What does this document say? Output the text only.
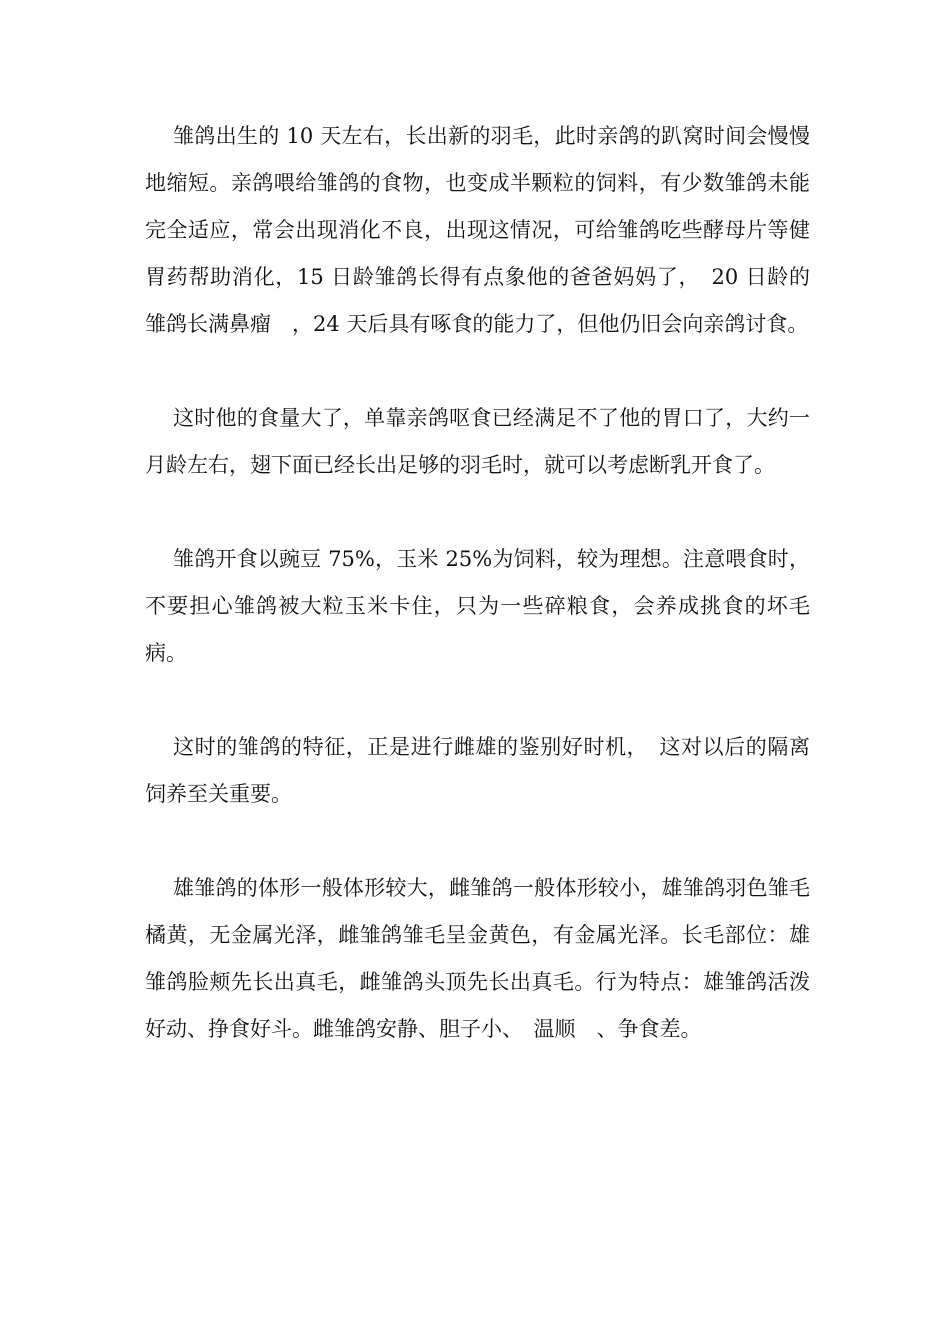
雏鸽出生的 10 天左右，长出新的羽毛，此时亲鸽的趴窝时间会慢慢地缩短。亲鸽喂给雏鸽的食物，也变成半颗粒的饲料，有少数雏鸽未能完全适应，常会出现消化不良，出现这情况，可给雏鸽吃些酵母片等健胃药帮助消化，15 日龄雏鸽长得有点象他的爸爸妈妈了，　20 日龄的雏鸽长满鼻瘤　，24 天后具有啄食的能力了，但他仍旧会向亲鸽讨食。

这时他的食量大了，单靠亲鸽呕食已经满足不了他的胃口了，大约一月龄左右，翅下面已经长出足够的羽毛时，就可以考虑断乳开食了。

雏鸽开食以豌豆 75%，玉米 25%为饲料，较为理想。注意喂食时，不要担心雏鸽被大粒玉米卡住，只为一些碎粮食，会养成挑食的坏毛病。

这时的雏鸽的特征，正是进行雌雄的鉴别好时机，　这对以后的隔离饲养至关重要。

雄雏鸽的体形一般体形较大，雌雏鸽一般体形较小，雄雏鸽羽色雏毛橘黄，无金属光泽，雌雏鸽雏毛呈金黄色，有金属光泽。长毛部位：雄雏鸽脸颊先长出真毛，雌雏鸽头顶先长出真毛。行为特点：雄雏鸽活泼好动、挣食好斗。雌雏鸽安静、胆子小、　温顺　、争食差。
